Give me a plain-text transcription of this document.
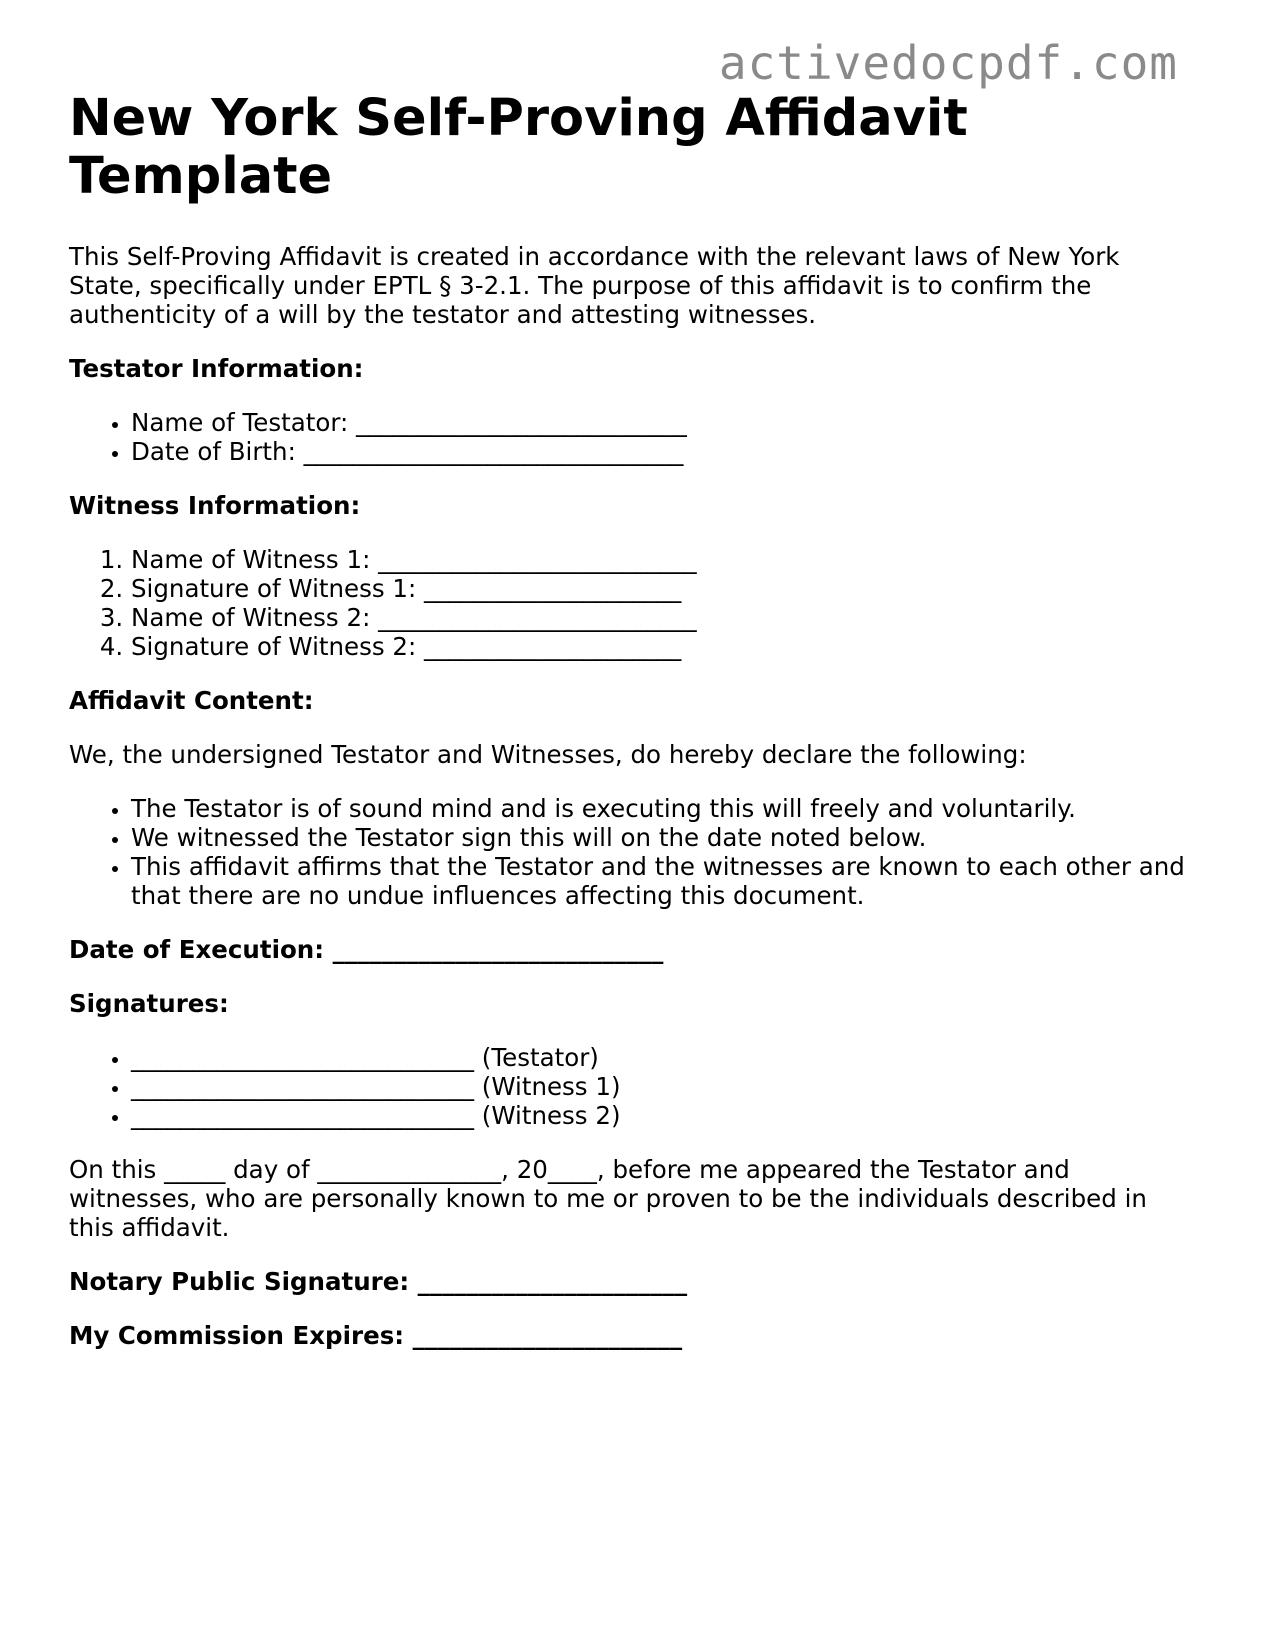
activedocpdf.com
New York Self-Proving Affidavit Template

This Self-Proving Affidavit is created in accordance with the relevant laws of New York State, specifically under EPTL § 3-2.1. The purpose of this affidavit is to confirm the authenticity of a will by the testator and attesting witnesses.

Testator Information:

• Name of Testator: ___________________________
• Date of Birth: _______________________________

Witness Information:

1. Name of Witness 1: __________________________
2. Signature of Witness 1: _____________________
3. Name of Witness 2: __________________________
4. Signature of Witness 2: _____________________

Affidavit Content:

We, the undersigned Testator and Witnesses, do hereby declare the following:

• The Testator is of sound mind and is executing this will freely and voluntarily.
• We witnessed the Testator sign this will on the date noted below.
• This affidavit affirms that the Testator and the witnesses are known to each other and that there are no undue influences affecting this document.

Date of Execution: ___________________________

Signatures:

• ____________________________ (Testator)
• ____________________________ (Witness 1)
• ____________________________ (Witness 2)

On this _____ day of _______________, 20____, before me appeared the Testator and witnesses, who are personally known to me or proven to be the individuals described in this affidavit.

Notary Public Signature: ______________________

My Commission Expires: ______________________
